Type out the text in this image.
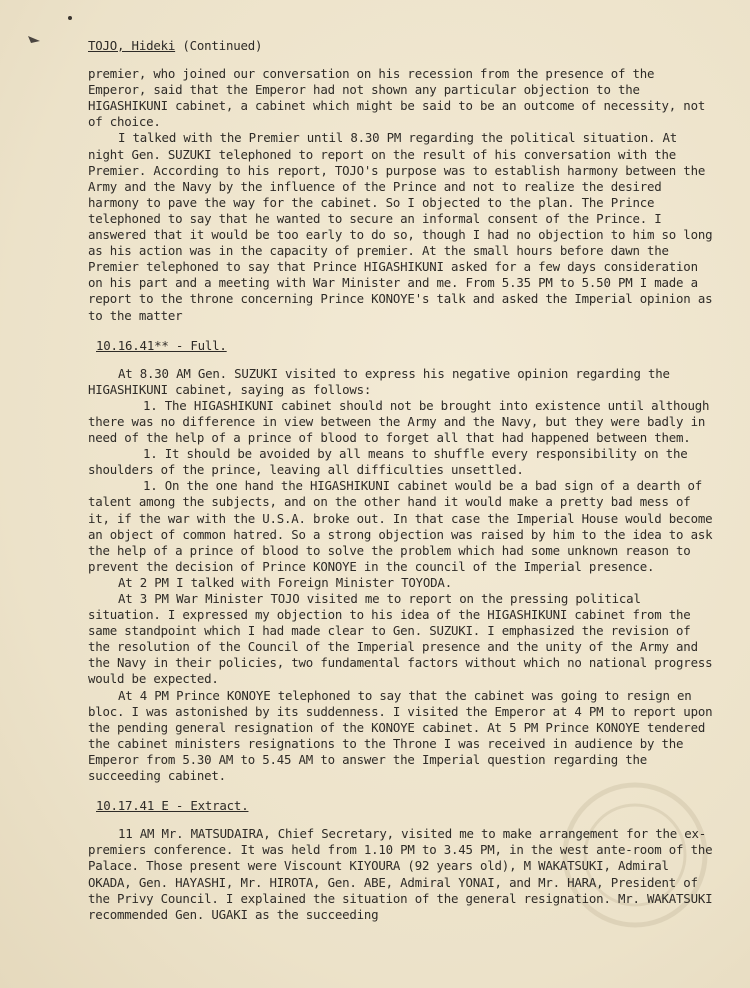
TOJO, Hideki (Continued)

premier, who joined our conversation on his recession from the presence of the Emperor, said that the Emperor had not shown any particular objection to the HIGASHIKUNI cabinet, a cabinet which might be said to be an outcome of necessity, not of choice.

I talked with the Premier until 8.30 PM regarding the political situation. At night Gen. SUZUKI telephoned to report on the result of his conversation with the Premier. According to his report, TOJO's purpose was to establish harmony between the Army and the Navy by the influence of the Prince and not to realize the desired harmony to pave the way for the cabinet. So I objected to the plan. The Prince telephoned to say that he wanted to secure an informal consent of the Prince. I answered that it would be too early to do so, though I had no objection to him so long as his action was in the capacity of premier. At the small hours before dawn the Premier telephoned to say that Prince HIGASHIKUNI asked for a few days consideration on his part and a meeting with War Minister and me. From 5.35 PM to 5.50 PM I made a report to the throne concerning Prince KONOYE's talk and asked the Imperial opinion as to the matter

10.16.41** - Full.

At 8.30 AM Gen. SUZUKI visited to express his negative opinion regarding the HIGASHIKUNI cabinet, saying as follows:

1. The HIGASHIKUNI cabinet should not be brought into existence until although there was no difference in view between the Army and the Navy, but they were badly in need of the help of a prince of blood to forget all that had happened between them.

1. It should be avoided by all means to shuffle every responsibility on the shoulders of the prince, leaving all difficulties unsettled.

1. On the one hand the HIGASHIKUNI cabinet would be a bad sign of a dearth of talent among the subjects, and on the other hand it would make a pretty bad mess of it, if the war with the U.S.A. broke out. In that case the Imperial House would become an object of common hatred. So a strong objection was raised by him to the idea to ask the help of a prince of blood to solve the problem which had some unknown reason to prevent the decision of Prince KONOYE in the council of the Imperial presence.

At 2 PM I talked with Foreign Minister TOYODA.

At 3 PM War Minister TOJO visited me to report on the pressing political situation. I expressed my objection to his idea of the HIGASHIKUNI cabinet from the same standpoint which I had made clear to Gen. SUZUKI. I emphasized the revision of the resolution of the Council of the Imperial presence and the unity of the Army and the Navy in their policies, two fundamental factors without which no national progress would be expected.

At 4 PM Prince KONOYE telephoned to say that the cabinet was going to resign en bloc. I was astonished by its suddenness. I visited the Emperor at 4 PM to report upon the pending general resignation of the KONOYE cabinet. At 5 PM Prince KONOYE tendered the cabinet ministers resignations to the Throne I was received in audience by the Emperor from 5.30 AM to 5.45 AM to answer the Imperial question regarding the succeeding cabinet.

10.17.41 E - Extract.

11 AM Mr. MATSUDAIRA, Chief Secretary, visited me to make arrangement for the ex-premiers conference. It was held from 1.10 PM to 3.45 PM, in the west ante-room of the Palace. Those present were Viscount KIYOURA (92 years old), M WAKATSUKI, Admiral OKADA, Gen. HAYASHI, Mr. HIROTA, Gen. ABE, Admiral YONAI, and Mr. HARA, President of the Privy Council. I explained the situation of the general resignation. Mr. WAKATSUKI recommended Gen. UGAKI as the succeeding
